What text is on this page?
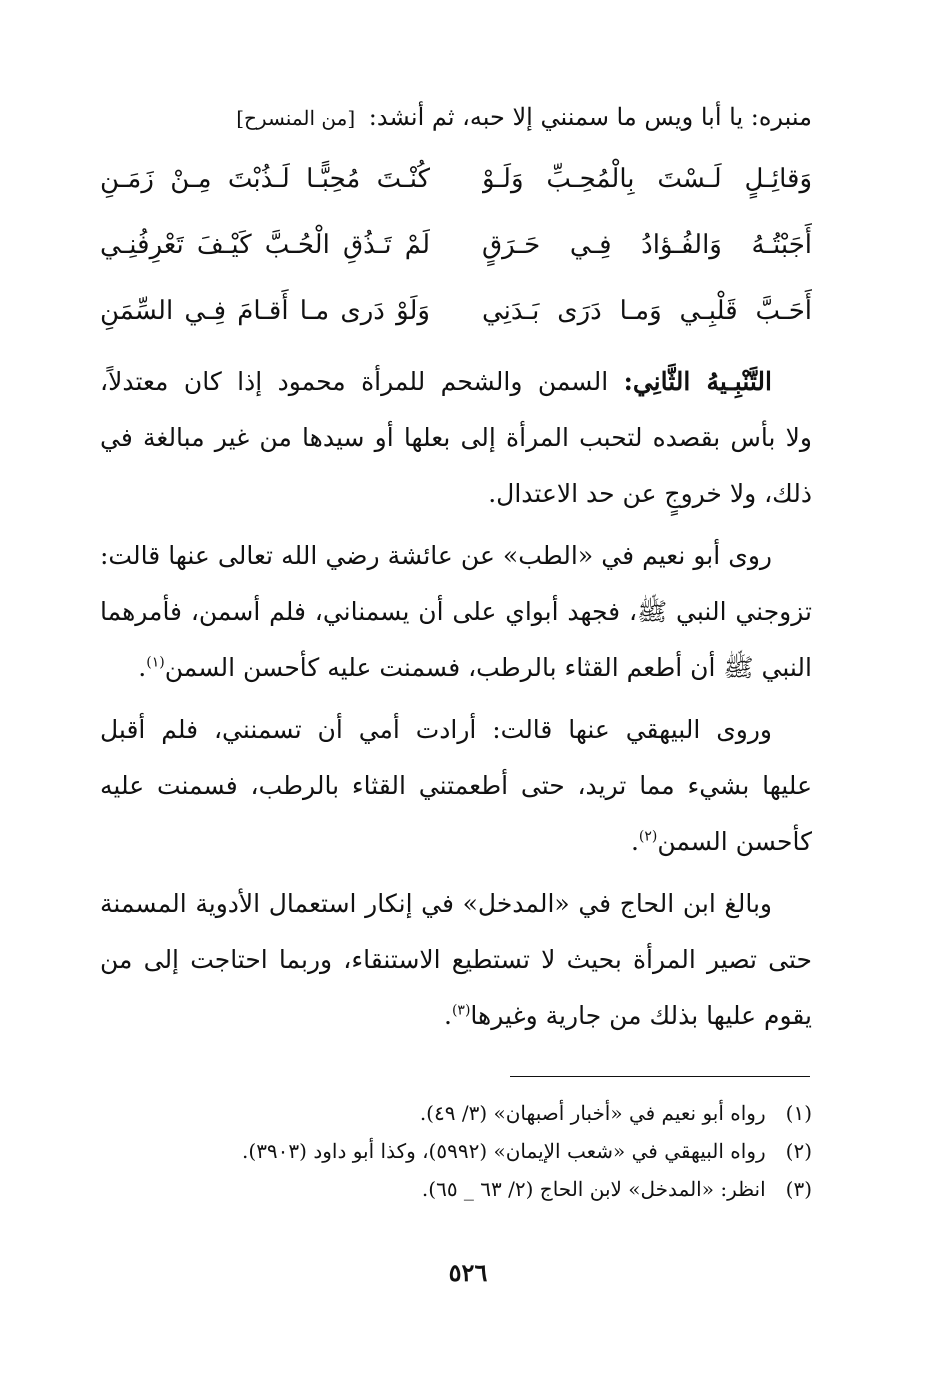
منبره: يا أبا ويس ما سمنني إلا حبه، ثم أنشد: [من المنسرح]
وَقائِـلٍ لَـسْتَ بِالْمُحِـبِّ وَلَـوْ
كُنْـتَ مُحِبًّـا لَـذُبْتَ مِـنْ زَمَـنِ
أَجَبْتُـهُ وَالفُـؤادُ فِـي حَـرَقٍ
لَمْ تَـذُقِ الْحُـبَّ كَيْـفَ تَعْرِفُنِـي
أَحَـبَّ قَلْبِـي وَمـا دَرَى بَـدَنِي
وَلَوْ دَرى مـا أَقـامَ فِـي السِّمَنِ
التَّنْبِـيهُ الثَّانِي: السمن والشحم للمرأة محمود إذا كان معتدلاً،
ولا بأس بقصده لتحبب المرأة إلى بعلها أو سيدها من غير مبالغة في
ذلك، ولا خروجٍ عن حد الاعتدال.
روى أبو نعيم في «الطب» عن عائشة رضي الله تعالى عنها قالت:
تزوجني النبي ﷺ، فجهد أبواي على أن يسمناني، فلم أسمن، فأمرهما
النبي ﷺ أن أطعم القثاء بالرطب، فسمنت عليه كأحسن السمن$^{(١)}$.
وروى البيهقي عنها قالت: أرادت أمي أن تسمنني، فلم أقبل
عليها بشيء مما تريد، حتى أطعمتني القثاء بالرطب، فسمنت عليه
كأحسن السمن$^{(٢)}$.
وبالغ ابن الحاج في «المدخل» في إنكار استعمال الأدوية المسمنة
حتى تصير المرأة بحيث لا تستطيع الاستنقاء، وربما احتاجت إلى من
يقوم عليها بذلك من جارية وغيرها$^{(٣)}$.
(١) رواه أبو نعيم في «أخبار أصبهان» (٣/ ٤٩).
(٢) رواه البيهقي في «شعب الإيمان» (٥٩٩٢)، وكذا أبو داود (٣٩٠٣).
(٣) انظر: «المدخل» لابن الحاج (٢/ ٦٣ _ ٦٥).
٥٢٦
